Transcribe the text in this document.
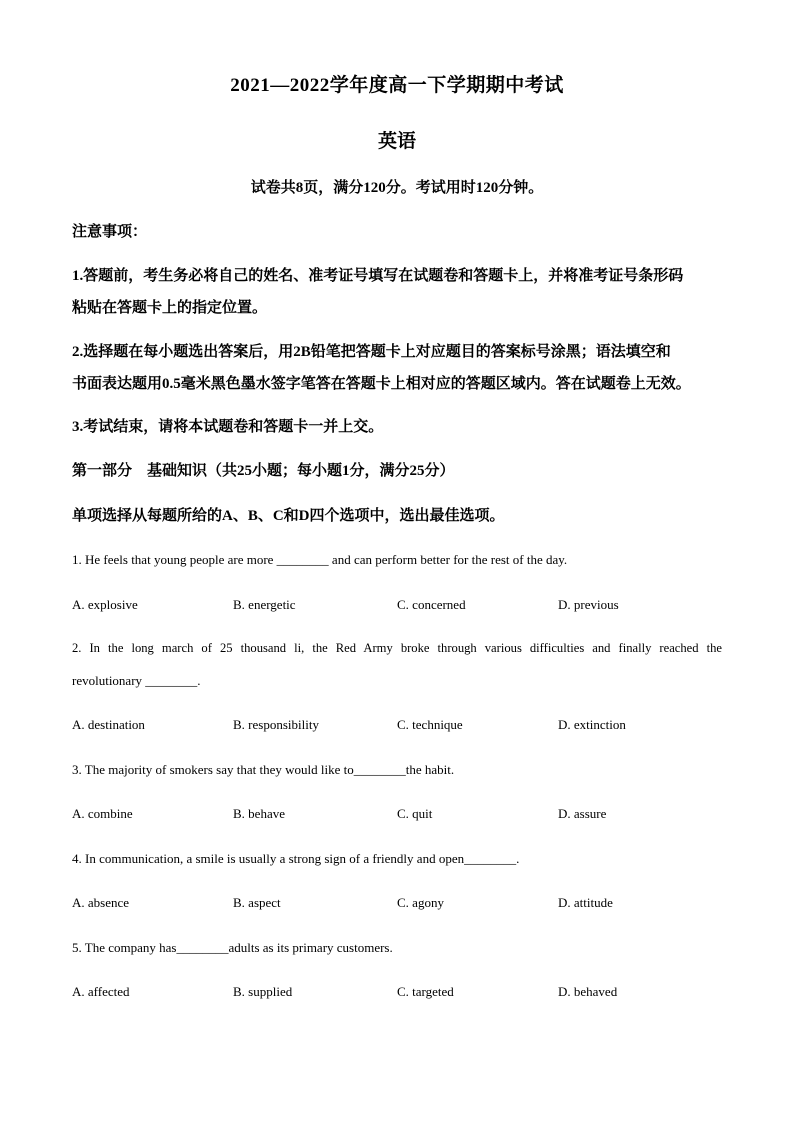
2021—2022学年度高一下学期期中考试
英语
试卷共8页，满分120分。考试用时120分钟。
注意事项：
1.答题前，考生务必将自己的姓名、准考证号填写在试题卷和答题卡上，并将准考证号条形码
粘贴在答题卡上的指定位置。
2.选择题在每小题选出答案后，用2B铅笔把答题卡上对应题目的答案标号涂黑；语法填空和
书面表达题用0.5毫米黑色墨水签字笔答在答题卡上相对应的答题区域内。答在试题卷上无效。
3.考试结束，请将本试题卷和答题卡一并上交。
第一部分　基础知识（共25小题；每小题1分，满分25分）
单项选择从每题所给的A、B、C和D四个选项中，选出最佳选项。
1. He feels that young people are more ________ and can perform better for the rest of the day.
A. explosive	B. energetic	C. concerned	D. previous
2. In the long march of 25 thousand li, the Red Army broke through various difficulties and finally reached the
revolutionary ________.
A. destination	B. responsibility	C. technique	D. extinction
3. The majority of smokers say that they would like to________the habit.
A. combine	B. behave	C. quit	D. assure
4. In communication, a smile is usually a strong sign of a friendly and open________.
A. absence	B. aspect	C. agony	D. attitude
5. The company has________adults as its primary customers.
A. affected	B. supplied	C. targeted	D. behaved
